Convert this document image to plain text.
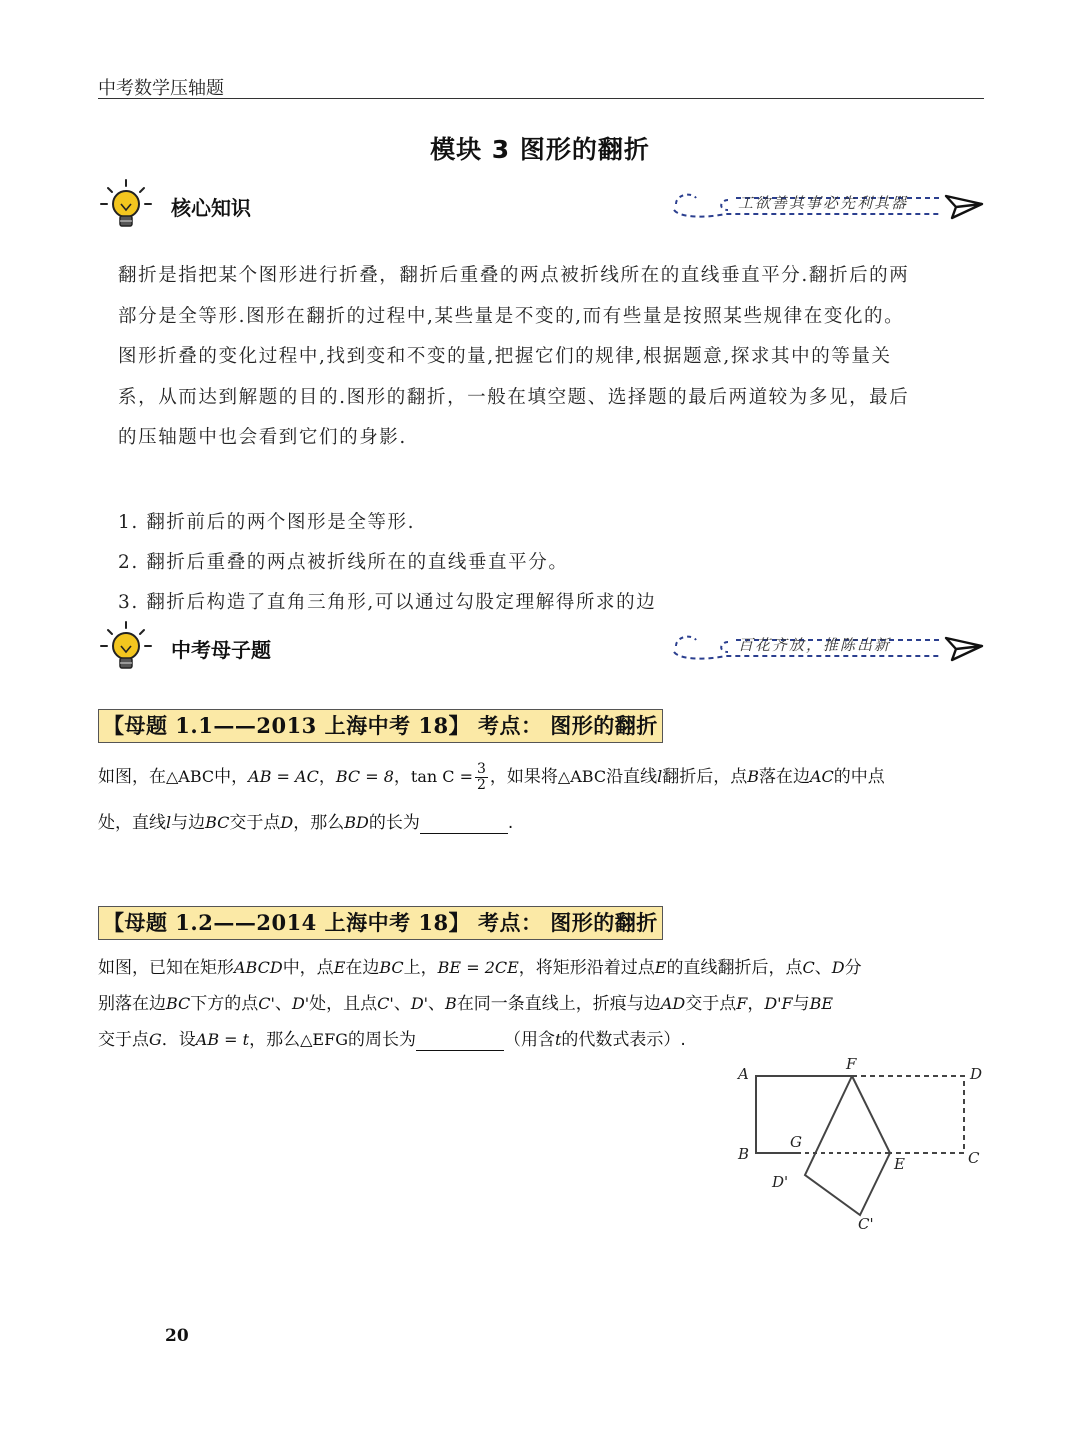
中考数学压轴题
模块 3 图形的翻折
核心知识	工欲善其事必先利其器
翻折是指把某个图形进行折叠，翻折后重叠的两点被折线所在的直线垂直平分.翻折后的两
部分是全等形.图形在翻折的过程中,某些量是不变的,而有些量是按照某些规律在变化的。
图形折叠的变化过程中,找到变和不变的量,把握它们的规律,根据题意,探求其中的等量关
系，从而达到解题的目的.图形的翻折，一般在填空题、选择题的最后两道较为多见，最后
的压轴题中也会看到它们的身影.
1. 翻折前后的两个图形是全等形.
2. 翻折后重叠的两点被折线所在的直线垂直平分。
3. 翻折后构造了直角三角形,可以通过勾股定理解得所求的边
中考母子题	百花齐放，推陈出新
【母题 1.1——2013 上海中考 18】 考点： 图形的翻折
如图，在△ABC中，AB = AC，BC = 8，$\tan C = \frac{3}{2}$ ，如果将△ABC沿直线l翻折后，点B落在边AC的中点
处，直线l与边BC交于点D，那么BD的长为	.
【母题 1.2——2014 上海中考 18】 考点： 图形的翻折
如图，已知在矩形ABCD中，点E在边BC上，BE = 2CE，将矩形沿着过点E的直线翻折后，点C、D分
别落在边BC下方的点C'、D'处，且点C'、D'、B在同一条直线上，折痕与边AD交于点F，D'F与BE
交于点G．设AB = t，那么△EFG的周长为	（用含t的代数式表示）.
A
F
D
B
G
E	C
D'
C'
20
